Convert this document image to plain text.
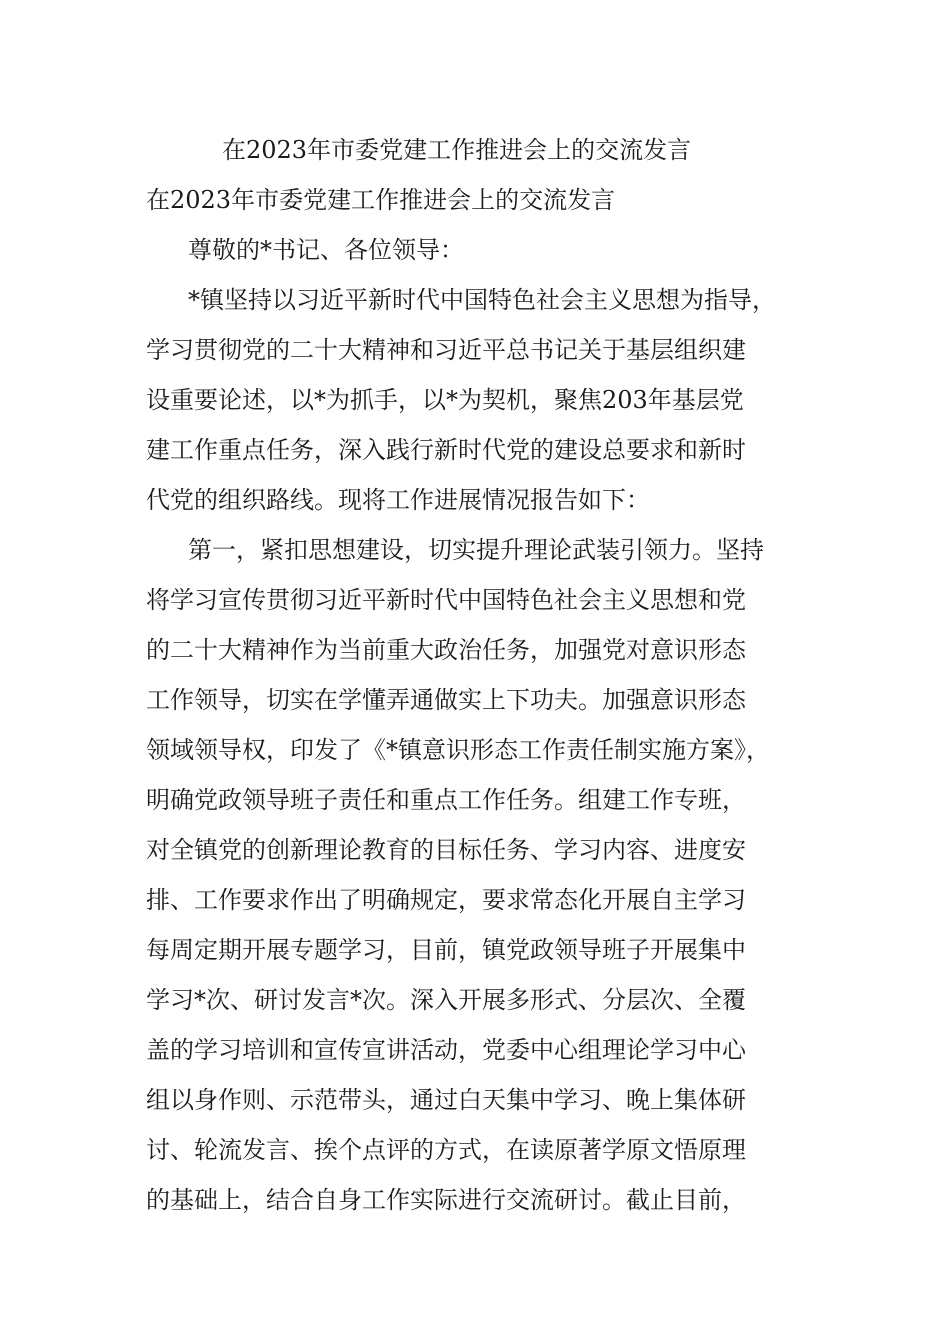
在2023年市委党建工作推进会上的交流发言
在2023年市委党建工作推进会上的交流发言

尊敬的*书记、各位领导：

*镇坚持以习近平新时代中国特色社会主义思想为指导，

学习贯彻党的二十大精神和习近平总书记关于基层组织建

设重要论述，以*为抓手，以*为契机，聚焦203年基层党

建工作重点任务，深入践行新时代党的建设总要求和新时

代党的组织路线。现将工作进展情况报告如下：

第一，紧扣思想建设，切实提升理论武装引领力。坚持

将学习宣传贯彻习近平新时代中国特色社会主义思想和党

的二十大精神作为当前重大政治任务，加强党对意识形态

工作领导，切实在学懂弄通做实上下功夫。加强意识形态

领域领导权，印发了《*镇意识形态工作责任制实施方案》，

明确党政领导班子责任和重点工作任务。组建工作专班，

对全镇党的创新理论教育的目标任务、学习内容、进度安

排、工作要求作出了明确规定，要求常态化开展自主学习

每周定期开展专题学习，目前，镇党政领导班子开展集中

学习*次、研讨发言*次。深入开展多形式、分层次、全覆

盖的学习培训和宣传宣讲活动，党委中心组理论学习中心

组以身作则、示范带头，通过白天集中学习、晚上集体研

讨、轮流发言、挨个点评的方式，在读原著学原文悟原理

的基础上，结合自身工作实际进行交流研讨。截止目前，
